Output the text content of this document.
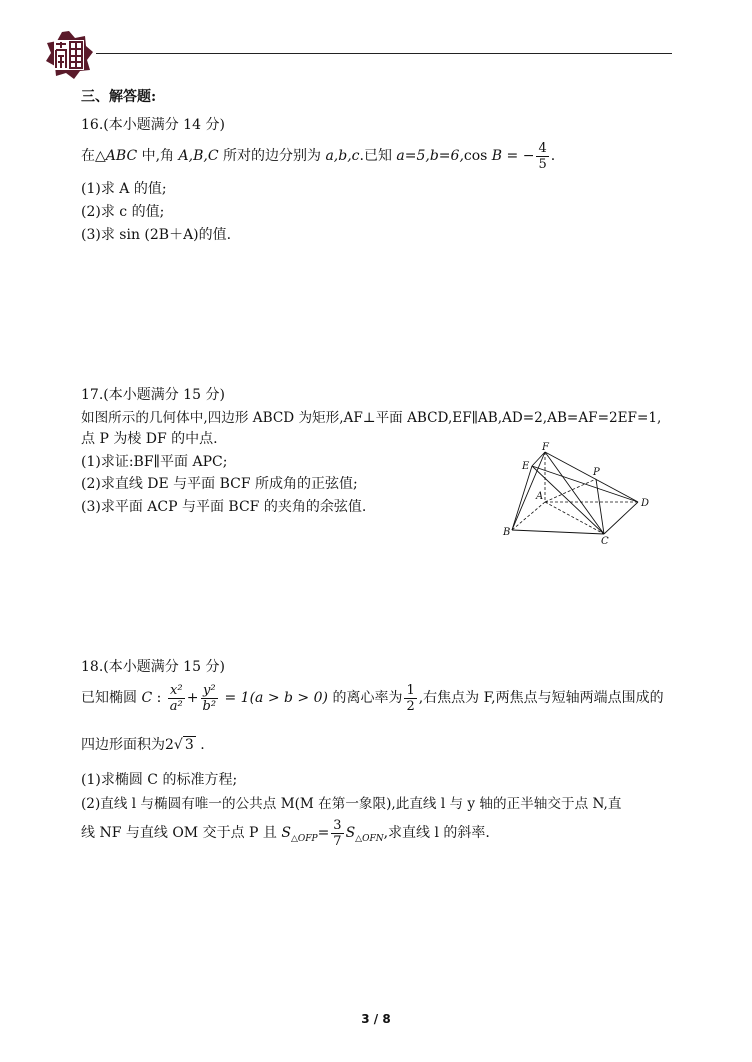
三、解答题:
16.(本小题满分 14 分)
在△ABC 中,角 A,B,C 所对的边分别为 a,b,c.已知 a=5,b=6,cos B = − $\frac{4}{5}$ .
(1)求 A 的值;
(2)求 c 的值;
(3)求 sin (2B＋A)的值.
17.(本小题满分 15 分)
如图所示的几何体中,四边形 ABCD 为矩形,AF⊥平面 ABCD,EF∥AB,AD=2,AB=AF=2EF=1,
点 P 为棱 DF 的中点.
(1)求证:BF∥平面 APC;
(2)求直线 DE 与平面 BCF 所成角的正弦值;
(3)求平面 ACP 与平面 BCF 的夹角的余弦值.
F
E
P
A
D
B
C
18.(本小题满分 15 分)
已知椭圆 C : $\frac{\text{x²}}{\text{a²}} + \frac{\text{y²}}{\text{b²}} = 1(a > b > 0)$ 的离心率为 $\frac{1}{2}$ ,右焦点为 F,两焦点与短轴两端点围成的
四边形面积为2√ 3 .
(1)求椭圆 C 的标准方程;
(2)直线 l 与椭圆有唯一的公共点 M(M 在第一象限),此直线 l 与 y 轴的正半轴交于点 N,直
线 NF 与直线 OM 交于点 P 且 $S_{\triangle OFP}= \frac{3}{7} S_{\triangle OFN}$,求直线 l 的斜率.
3 / 8
